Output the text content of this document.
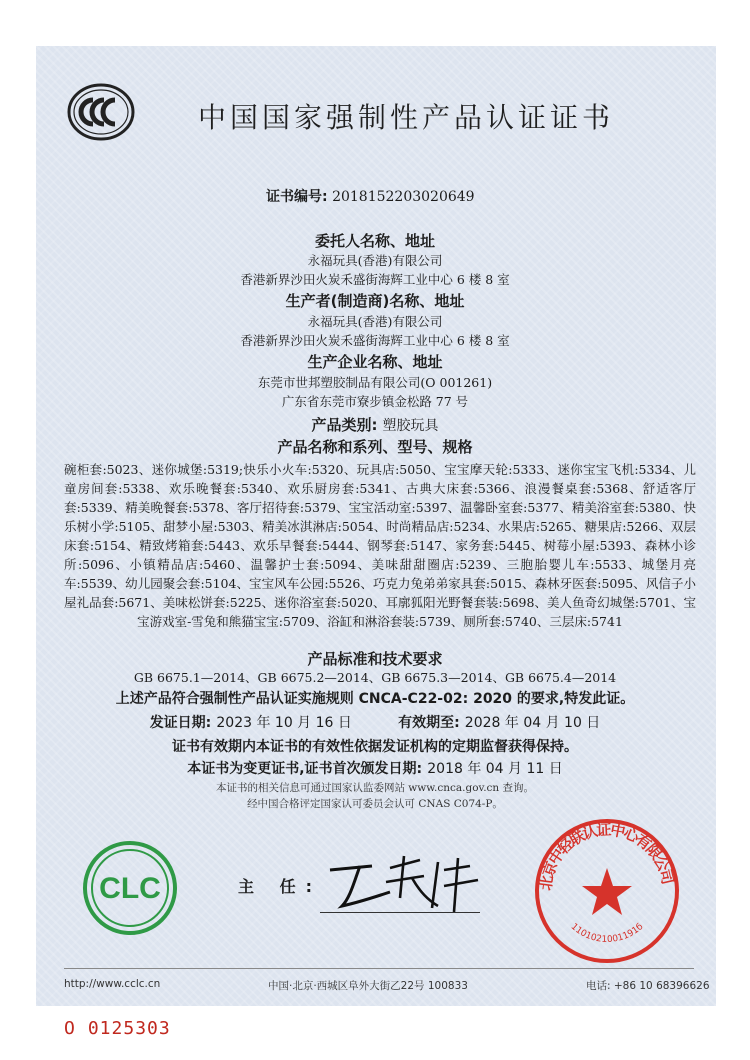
中国国家强制性产品认证证书
证书编号: 2018152203020649
委托人名称、地址
永福玩具(香港)有限公司
香港新界沙田火炭禾盛街海辉工业中心 6 楼 8 室
生产者(制造商)名称、地址
永福玩具(香港)有限公司
香港新界沙田火炭禾盛街海辉工业中心 6 楼 8 室
生产企业名称、地址
东莞市世邦塑胶制品有限公司(O 001261)
广东省东莞市寮步镇金松路 77 号
产品类别: 塑胶玩具
产品名称和系列、型号、规格
碗柜套:5023、迷你城堡:5319;快乐小火车:5320、玩具店:5050、宝宝摩天轮:5333、迷你宝宝飞机:5334、儿童房间套:5338、欢乐晚餐套:5340、欢乐厨房套:5341、古典大床套:5366、浪漫餐桌套:5368、舒适客厅套:5339、精美晚餐套:5378、客厅招待套:5379、宝宝活动室:5397、温馨卧室套:5377、精美浴室套:5380、快乐树小学:5105、甜梦小屋:5303、精美冰淇淋店:5054、时尚精品店:5234、水果店:5265、糖果店:5266、双层床套:5154、精致烤箱套:5443、欢乐早餐套:5444、钢琴套:5147、家务套:5445、树莓小屋:5393、森林小诊所:5096、小镇精品店:5460、温馨护士套:5094、美味甜甜圈店:5239、三胞胎婴儿车:5533、城堡月亮车:5539、幼儿园聚会套:5104、宝宝风车公园:5526、巧克力兔弟弟家具套:5015、森林牙医套:5095、风信子小屋礼品套:5671、美味松饼套:5225、迷你浴室套:5020、耳廓狐阳光野餐套装:5698、美人鱼奇幻城堡:5701、宝宝游戏室-雪兔和熊猫宝宝:5709、浴缸和淋浴套装:5739、厕所套:5740、三层床:5741
产品标准和技术要求
GB 6675.1—2014、GB 6675.2—2014、GB 6675.3—2014、GB 6675.4—2014
上述产品符合强制性产品认证实施规则 CNCA-C22-02: 2020 的要求,特发此证。
发证日期: 2023 年 10 月 16 日	有效期至: 2028 年 04 月 10 日
证书有效期内本证书的有效性依据发证机构的定期监督获得保持。
本证书为变更证书,证书首次颁发日期: 2018 年 04 月 11 日
本证书的相关信息可通过国家认监委网站 www.cnca.gov.cn 查询。
经中国合格评定国家认可委员会认可 CNAS C074-P。
CLC	主 任:	北京中轻联认证中心有限公司
1101021001191б
http://www.cclc.cn	中国·北京·西城区阜外大街乙22号 100833	电话: +86 10 68396626
O 0125303
